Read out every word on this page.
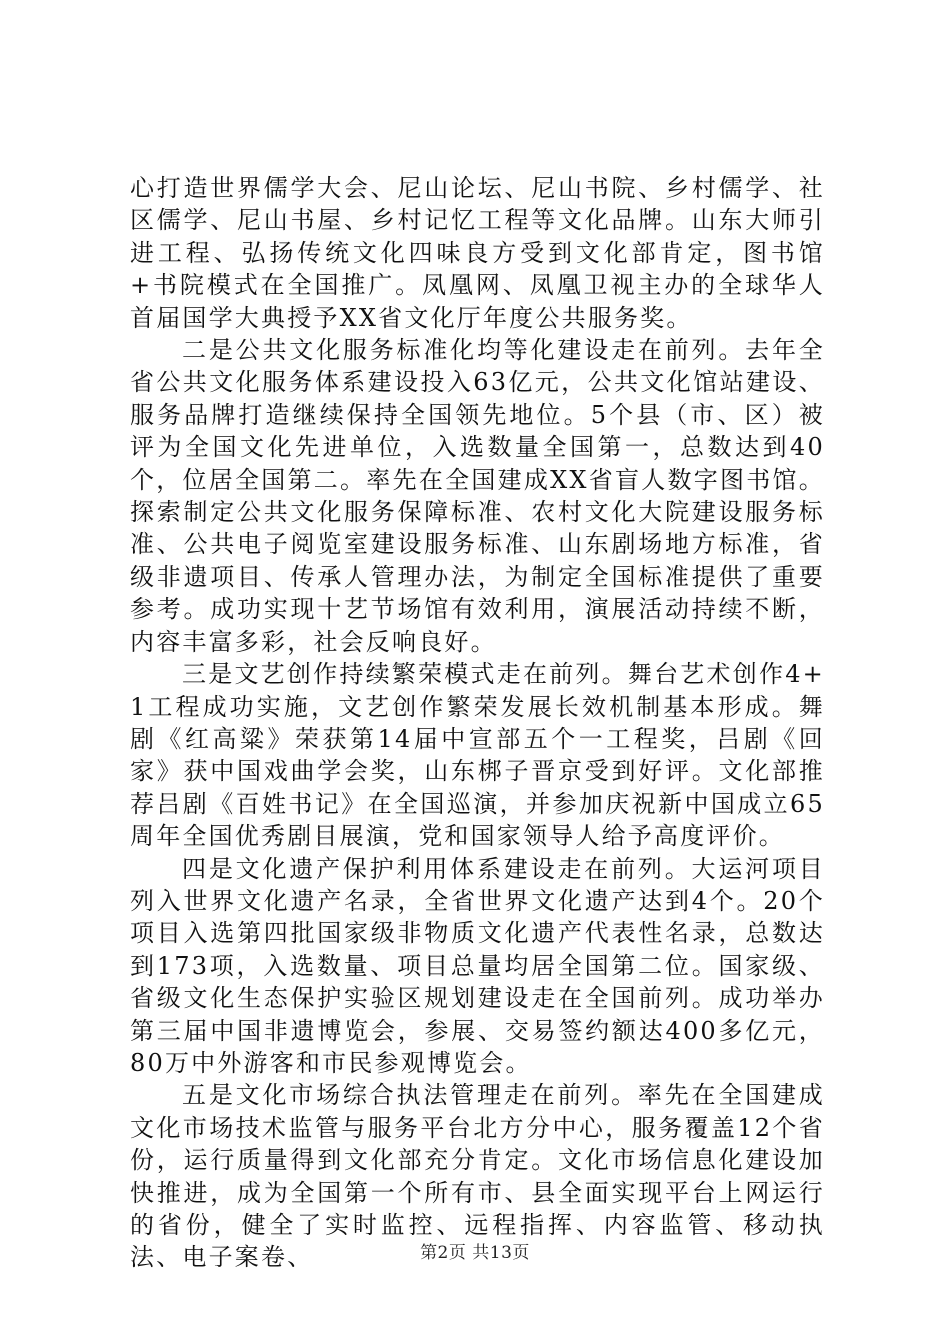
心打造世界儒学大会、尼山论坛、尼山书院、乡村儒学、社区儒学、尼山书屋、乡村记忆工程等文化品牌。山东大师引进工程、弘扬传统文化四味良方受到文化部肯定，图书馆+书院模式在全国推广。凤凰网、凤凰卫视主办的全球华人首届国学大典授予XX省文化厅年度公共服务奖。

二是公共文化服务标准化均等化建设走在前列。去年全省公共文化服务体系建设投入63亿元，公共文化馆站建设、服务品牌打造继续保持全国领先地位。5个县（市、区）被评为全国文化先进单位，入选数量全国第一，总数达到40个，位居全国第二。率先在全国建成XX省盲人数字图书馆。探索制定公共文化服务保障标准、农村文化大院建设服务标准、公共电子阅览室建设服务标准、山东剧场地方标准，省级非遗项目、传承人管理办法，为制定全国标准提供了重要参考。成功实现十艺节场馆有效利用，演展活动持续不断，内容丰富多彩，社会反响良好。

三是文艺创作持续繁荣模式走在前列。舞台艺术创作4+1工程成功实施，文艺创作繁荣发展长效机制基本形成。舞剧《红高粱》荣获第14届中宣部五个一工程奖，吕剧《回家》获中国戏曲学会奖，山东梆子晋京受到好评。文化部推荐吕剧《百姓书记》在全国巡演，并参加庆祝新中国成立65周年全国优秀剧目展演，党和国家领导人给予高度评价。

四是文化遗产保护利用体系建设走在前列。大运河项目列入世界文化遗产名录，全省世界文化遗产达到4个。20个项目入选第四批国家级非物质文化遗产代表性名录，总数达到173项，入选数量、项目总量均居全国第二位。国家级、省级文化生态保护实验区规划建设走在全国前列。成功举办第三届中国非遗博览会，参展、交易签约额达400多亿元，80万中外游客和市民参观博览会。

五是文化市场综合执法管理走在前列。率先在全国建成文化市场技术监管与服务平台北方分中心，服务覆盖12个省份，运行质量得到文化部充分肯定。文化市场信息化建设加快推进，成为全国第一个所有市、县全面实现平台上网运行的省份，健全了实时监控、远程指挥、内容监管、移动执法、电子案卷、	第2页 共13页
